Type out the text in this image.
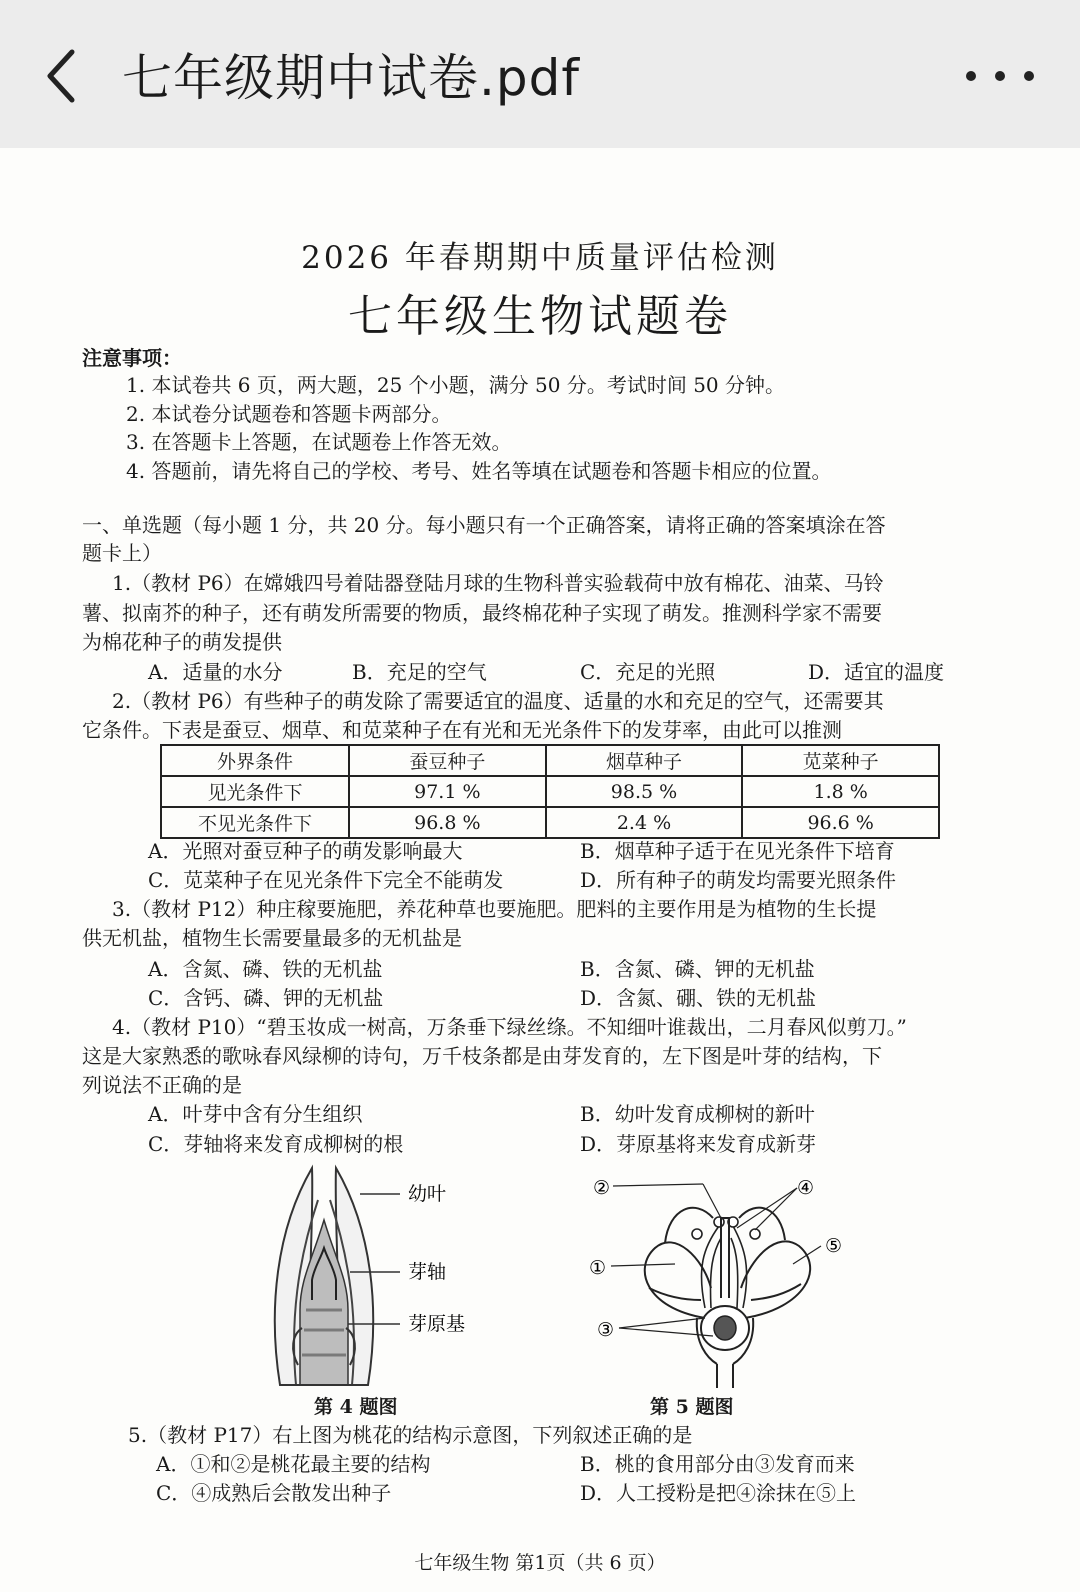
七年级期中试卷.pdf
2026 年春期期中质量评估检测
七年级生物试题卷
注意事项：
1. 本试卷共 6 页，两大题，25 个小题，满分 50 分。考试时间 50 分钟。
2. 本试卷分试题卷和答题卡两部分。
3. 在答题卡上答题，在试题卷上作答无效。
4. 答题前，请先将自己的学校、考号、姓名等填在试题卷和答题卡相应的位置。
一、单选题（每小题 1 分，共 20 分。每小题只有一个正确答案，请将正确的答案填涂在答
题卡上）
1.（教材 P6）在嫦娥四号着陆器登陆月球的生物科普实验载荷中放有棉花、油菜、马铃
薯、拟南芥的种子，还有萌发所需要的物质，最终棉花种子实现了萌发。推测科学家不需要
为棉花种子的萌发提供
A．适量的水分	B．充足的空气	C．充足的光照	D．适宜的温度
2.（教材 P6）有些种子的萌发除了需要适宜的温度、适量的水和充足的空气，还需要其
它条件。下表是蚕豆、烟草、和苋菜种子在有光和无光条件下的发芽率，由此可以推测
外界条件	蚕豆种子	烟草种子	苋菜种子
见光条件下	97.1 %	98.5 %	1.8 %
不见光条件下	96.8 %	2.4 %	96.6 %
A．光照对蚕豆种子的萌发影响最大	B．烟草种子适于在见光条件下培育
C．苋菜种子在见光条件下完全不能萌发	D．所有种子的萌发均需要光照条件
3.（教材 P12）种庄稼要施肥，养花种草也要施肥。肥料的主要作用是为植物的生长提
供无机盐，植物生长需要量最多的无机盐是
A．含氮、磷、铁的无机盐	B．含氮、磷、钾的无机盐
C．含钙、磷、钾的无机盐	D．含氮、硼、铁的无机盐
4.（教材 P10）“碧玉妆成一树高，万条垂下绿丝绦。不知细叶谁裁出，二月春风似剪刀。”
这是大家熟悉的歌咏春风绿柳的诗句，万千枝条都是由芽发育的，左下图是叶芽的结构，下
列说法不正确的是
A．叶芽中含有分生组织	B．幼叶发育成柳树的新叶
C．芽轴将来发育成柳树的根	D．芽原基将来发育成新芽
幼叶
芽轴
芽原基
第 4 题图
②	④
①
⑤
③
第 5 题图
5.（教材 P17）右上图为桃花的结构示意图，下列叙述正确的是
A．①和②是桃花最主要的结构	B．桃的食用部分由③发育而来
C．④成熟后会散发出种子	D．人工授粉是把④涂抹在⑤上
七年级生物 第1页（共 6 页）
